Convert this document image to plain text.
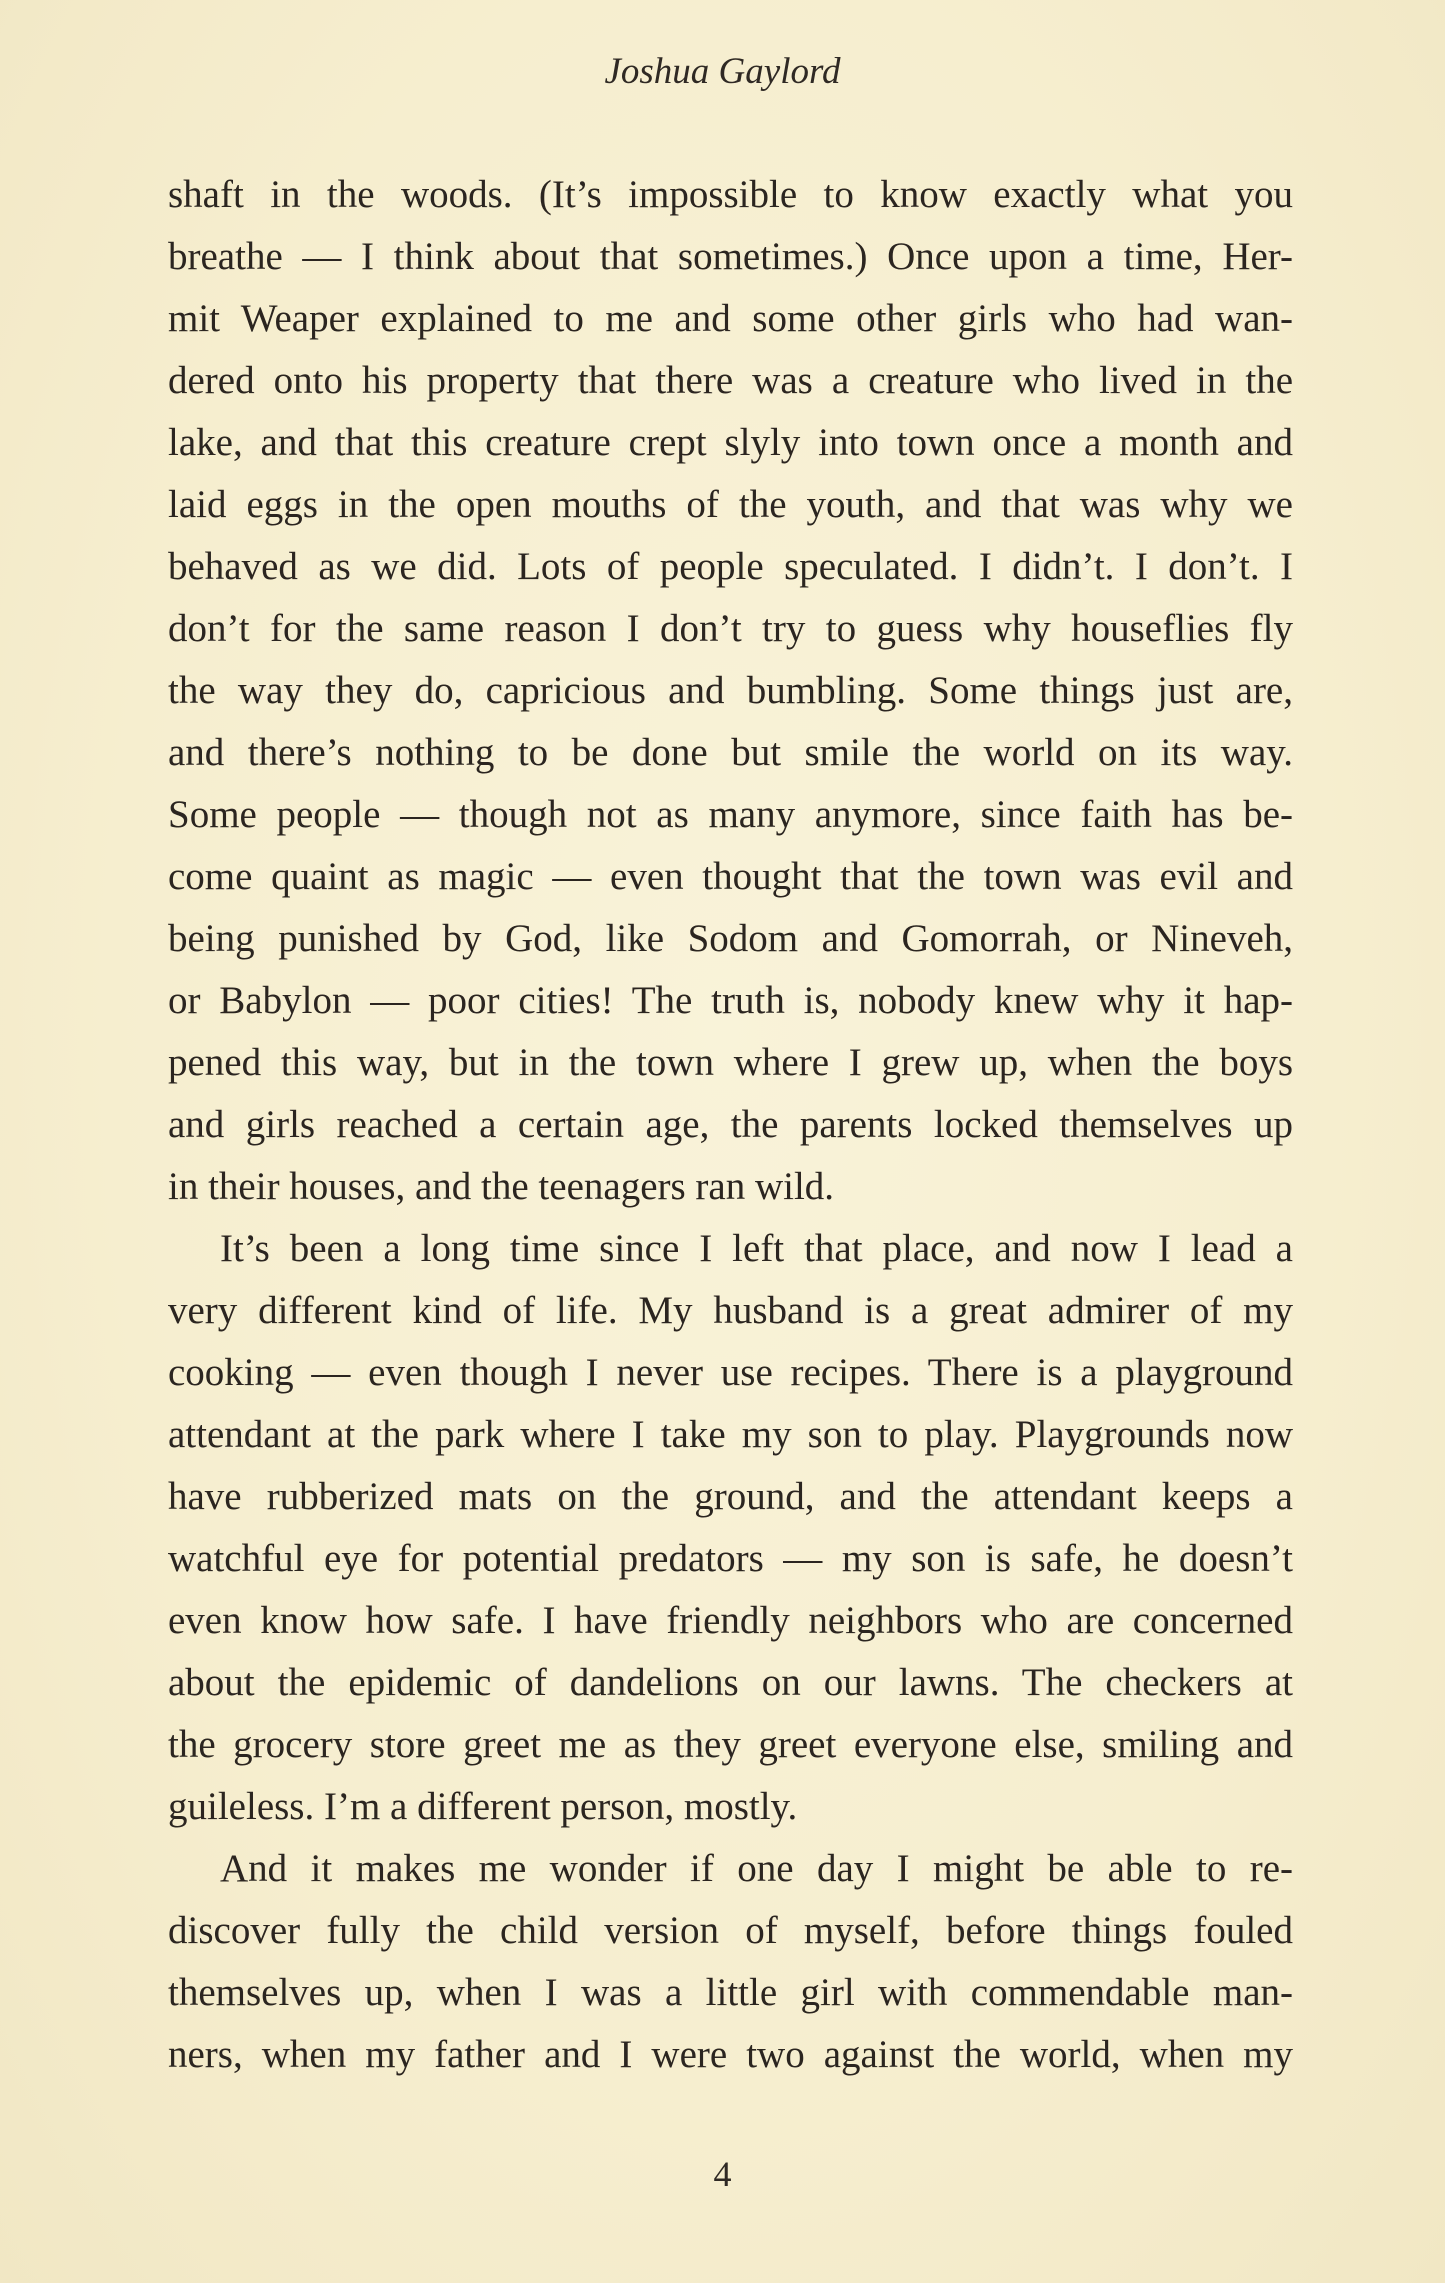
Joshua Gaylord
shaft in the woods. (It’s impossible to know exactly what you
breathe — I think about that sometimes.) Once upon a time, Her-
mit Weaper explained to me and some other girls who had wan-
dered onto his property that there was a creature who lived in the
lake, and that this creature crept slyly into town once a month and
laid eggs in the open mouths of the youth, and that was why we
behaved as we did. Lots of people speculated. I didn’t. I don’t. I
don’t for the same reason I don’t try to guess why houseflies fly
the way they do, capricious and bumbling. Some things just are,
and there’s nothing to be done but smile the world on its way.
Some people — though not as many anymore, since faith has be-
come quaint as magic — even thought that the town was evil and
being punished by God, like Sodom and Gomorrah, or Nineveh,
or Babylon — poor cities! The truth is, nobody knew why it hap-
pened this way, but in the town where I grew up, when the boys
and girls reached a certain age, the parents locked themselves up
in their houses, and the teenagers ran wild.
It’s been a long time since I left that place, and now I lead a
very different kind of life. My husband is a great admirer of my
cooking — even though I never use recipes. There is a playground
attendant at the park where I take my son to play. Playgrounds now
have rubberized mats on the ground, and the attendant keeps a
watchful eye for potential predators — my son is safe, he doesn’t
even know how safe. I have friendly neighbors who are concerned
about the epidemic of dandelions on our lawns. The checkers at
the grocery store greet me as they greet everyone else, smiling and
guileless. I’m a different person, mostly.
And it makes me wonder if one day I might be able to re-
discover fully the child version of myself, before things fouled
themselves up, when I was a little girl with commendable man-
ners, when my father and I were two against the world, when my
4
